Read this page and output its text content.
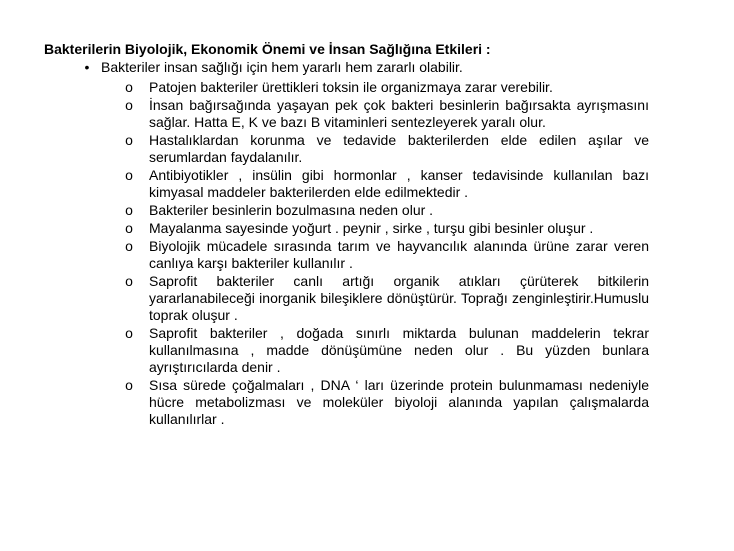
Bakterilerin Biyolojik, Ekonomik Önemi ve İnsan Sağlığına Etkileri :
• Bakteriler insan sağlığı için hem yararlı hem zararlı olabilir.
o Patojen bakteriler ürettikleri toksin ile organizmaya zarar verebilir.
o İnsan bağırsağında yaşayan pek çok bakteri besinlerin bağırsakta ayrışmasını sağlar. Hatta E, K ve bazı B vitaminleri sentezleyerek yaralı olur.
o Hastalıklardan korunma ve tedavide bakterilerden elde edilen aşılar ve serumlardan faydalanılır.
o Antibiyotikler , insülin gibi hormonlar , kanser tedavisinde kullanılan bazı kimyasal maddeler bakterilerden elde edilmektedir .
o Bakteriler besinlerin bozulmasına neden olur .
o Mayalanma sayesinde yoğurt . peynir , sirke , turşu gibi besinler oluşur .
o Biyolojik mücadele sırasında tarım ve hayvancılık alanında ürüne zarar veren canlıya karşı bakteriler kullanılır .
o Saprofit bakteriler canlı artığı organik atıkları çürüterek bitkilerin yararlanabileceği inorganik bileşiklere dönüştürür. Toprağı zenginleştirir.Humuslu toprak oluşur .
o Saprofit bakteriler , doğada sınırlı miktarda bulunan maddelerin tekrar kullanılmasına , madde dönüşümüne neden olur . Bu yüzden bunlara ayrıştırıcılarda denir .
o Sısa sürede çoğalmaları , DNA ‘ ları üzerinde protein bulunmaması nedeniyle hücre metabolizması ve moleküler biyoloji alanında yapılan çalışmalarda kullanılırlar .
